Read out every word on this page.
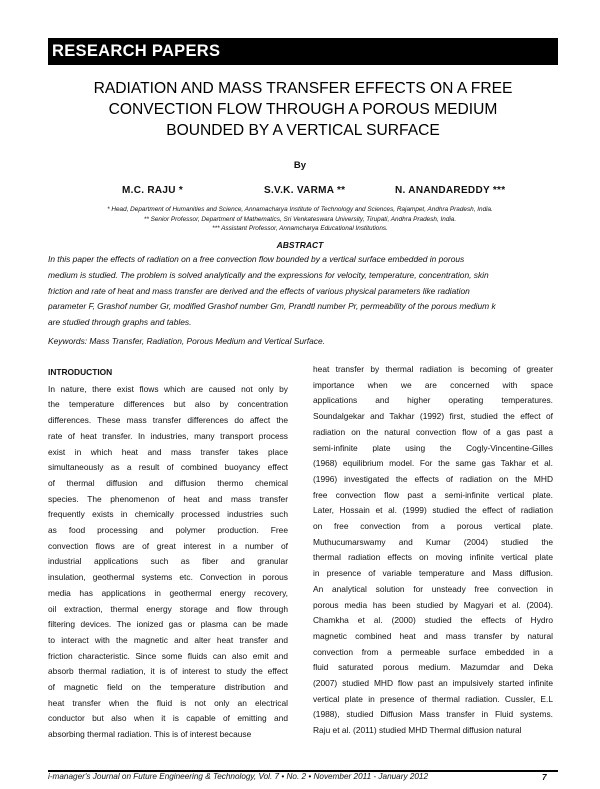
RESEARCH PAPERS
RADIATION AND MASS TRANSFER EFFECTS ON A FREE
CONVECTION FLOW THROUGH A POROUS MEDIUM
BOUNDED BY A VERTICAL SURFACE
By
M.C. RAJU *	S.V.K. VARMA **	N. ANANDAREDDY ***
* Head, Department of Humanities and Science, Annamacharya Institute of Technology and Sciences, Rajampet, Andhra Pradesh, India.
** Senior Professor, Department of Mathematics, Sri Venkateswara University, Tirupati, Andhra Pradesh, India.
*** Assistant Professor, Annamcharya Educational Institutions.
ABSTRACT
In this paper the effects of radiation on a free convection flow bounded by a vertical surface embedded in porous
medium is studied. The problem is solved analytically and the expressions for velocity, temperature, concentration, skin
friction and rate of heat and mass transfer are derived and the effects of various physical parameters like radiation
parameter F, Grashof number Gr, modified Grashof number Gm, Prandtl number Pr, permeability of the porous medium k
are studied through graphs and tables.
Keywords: Mass Transfer, Radiation, Porous Medium and Vertical Surface.
INTRODUCTION
In nature, there exist flows which are caused not only by
the temperature differences but also by concentration
differences. These mass transfer differences do affect the
rate of heat transfer. In industries, many transport process
exist in which heat and mass transfer takes place
simultaneously as a result of combined buoyancy effect
of thermal diffusion and diffusion thermo chemical
species. The phenomenon of heat and mass transfer
frequently exists in chemically processed industries such
as food processing and polymer production. Free
convection flows are of great interest in a number of
industrial applications such as fiber and granular
insulation, geothermal systems etc. Convection in porous
media has applications in geothermal energy recovery,
oil extraction, thermal energy storage and flow through
filtering devices. The ionized gas or plasma can be made
to interact with the magnetic and alter heat transfer and
friction characteristic. Since some fluids can also emit and
absorb thermal radiation, it is of interest to study the effect
of magnetic field on the temperature distribution and
heat transfer when the fluid is not only an electrical
conductor but also when it is capable of emitting and
absorbing thermal radiation. This is of interest because
heat transfer by thermal radiation is becoming of greater
importance when we are concerned with space
applications and higher operating temperatures.
Soundalgekar and Takhar (1992) first, studied the effect of
radiation on the natural convection flow of a gas past a
semi-infinite plate using the Cogly-Vincentine-Gilles
(1968) equilibrium model. For the same gas Takhar et al.
(1996) investigated the effects of radiation on the MHD
free convection flow past a semi-infinite vertical plate.
Later, Hossain et al. (1999) studied the effect of radiation
on free convection from a porous vertical plate.
Muthucumarswamy and Kumar (2004) studied the
thermal radiation effects on moving infinite vertical plate
in presence of variable temperature and Mass diffusion.
An analytical solution for unsteady free convection in
porous media has been studied by Magyari et al. (2004).
Chamkha et al. (2000) studied the effects of Hydro
magnetic combined heat and mass transfer by natural
convection from a permeable surface embedded in a
fluid saturated porous medium. Mazumdar and Deka
(2007) studied MHD flow past an impulsively started infinite
vertical plate in presence of thermal radiation. Cussler, E.L
(1988), studied Diffusion Mass transfer in Fluid systems.
Raju et al. (2011) studied MHD Thermal diffusion natural
i-manager's Journal on Future Engineering & Technology, Vol. 7 • No. 2 • November 2011 - January 2012	7
